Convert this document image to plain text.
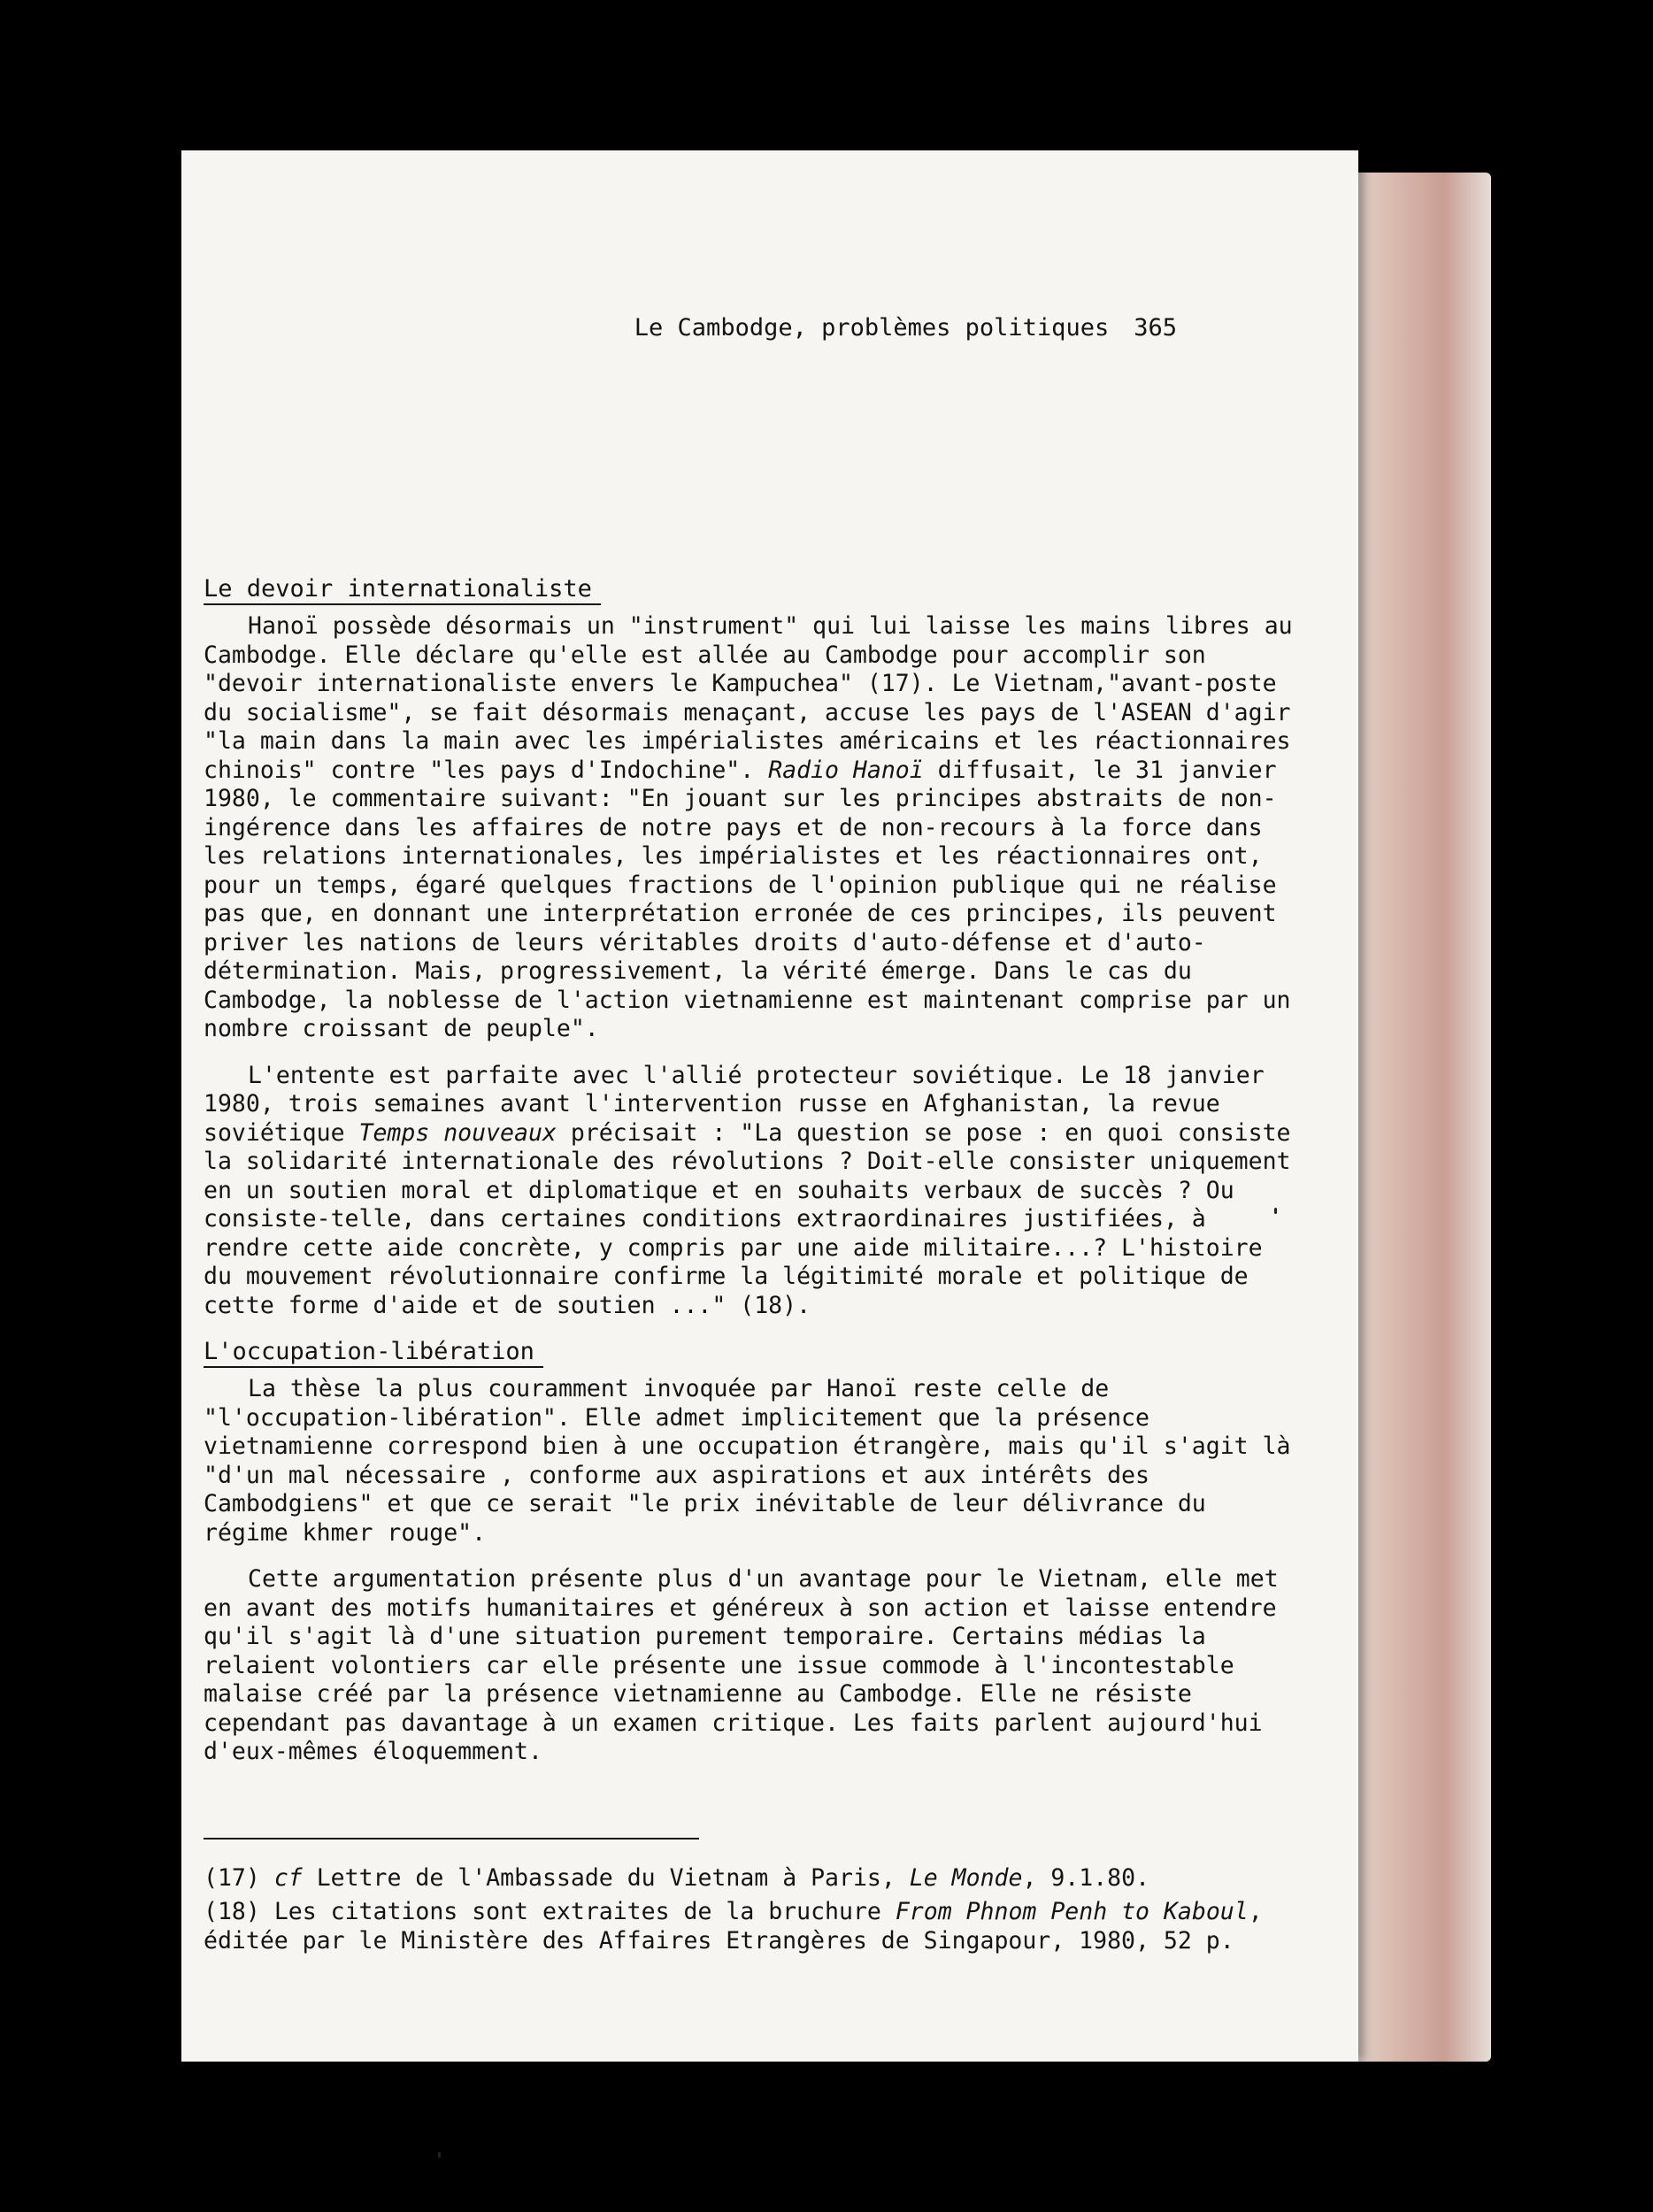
Le Cambodge, problèmes politiques 365
Le devoir internationaliste

Hanoï possède désormais un "instrument" qui lui laisse les mains libres au Cambodge. Elle déclare qu'elle est allée au Cambodge pour accomplir son "devoir internationaliste envers le Kampuchea" (17). Le Vietnam,"avant-poste du socialisme", se fait désormais menaçant, accuse les pays de l'ASEAN d'agir "la main dans la main avec les impérialistes américains et les réactionnaires chinois" contre "les pays d'Indochine". Radio Hanoï diffusait, le 31 janvier 1980, le commentaire suivant: "En jouant sur les principes abstraits de non-ingérence dans les affaires de notre pays et de non-recours à la force dans les relations internationales, les impérialistes et les réactionnaires ont, pour un temps, égaré quelques fractions de l'opinion publique qui ne réalise pas que, en donnant une interprétation erronée de ces principes, ils peuvent priver les nations de leurs véritables droits d'auto-défense et d'auto-détermination. Mais, progressivement, la vérité émerge. Dans le cas du Cambodge, la noblesse de l'action vietnamienne est maintenant comprise par un nombre croissant de peuple".

L'entente est parfaite avec l'allié protecteur soviétique. Le 18 janvier 1980, trois semaines avant l'intervention russe en Afghanistan, la revue soviétique Temps nouveaux précisait : "La question se pose : en quoi consiste la solidarité internationale des révolutions ? Doit-elle consister uniquement en un soutien moral et diplomatique et en souhaits verbaux de succès ? Ou consiste-telle, dans certaines conditions extraordinaires justifiées, à rendre cette aide concrète, y compris par une aide militaire...? L'histoire du mouvement révolutionnaire confirme la légitimité morale et politique de cette forme d'aide et de soutien ..." (18).

L'occupation-libération

La thèse la plus couramment invoquée par Hanoï reste celle de "l'occupation-libération". Elle admet implicitement que la présence vietnamienne correspond bien à une occupation étrangère, mais qu'il s'agit là "d'un mal nécessaire , conforme aux aspirations et aux intérêts des Cambodgiens" et que ce serait "le prix inévitable de leur délivrance du régime khmer rouge".

Cette argumentation présente plus d'un avantage pour le Vietnam, elle met en avant des motifs humanitaires et généreux à son action et laisse entendre qu'il s'agit là d'une situation purement temporaire. Certains médias la relaient volontiers car elle présente une issue commode à l'incontestable malaise créé par la présence vietnamienne au Cambodge. Elle ne résiste cependant pas davantage à un examen critique. Les faits parlent aujourd'hui d'eux-mêmes éloquemment.

(17) cf Lettre de l'Ambassade du Vietnam à Paris, Le Monde, 9.1.80.

(18) Les citations sont extraites de la bruchure From Phnom Penh to Kaboul, éditée par le Ministère des Affaires Etrangères de Singapour, 1980, 52 p.
